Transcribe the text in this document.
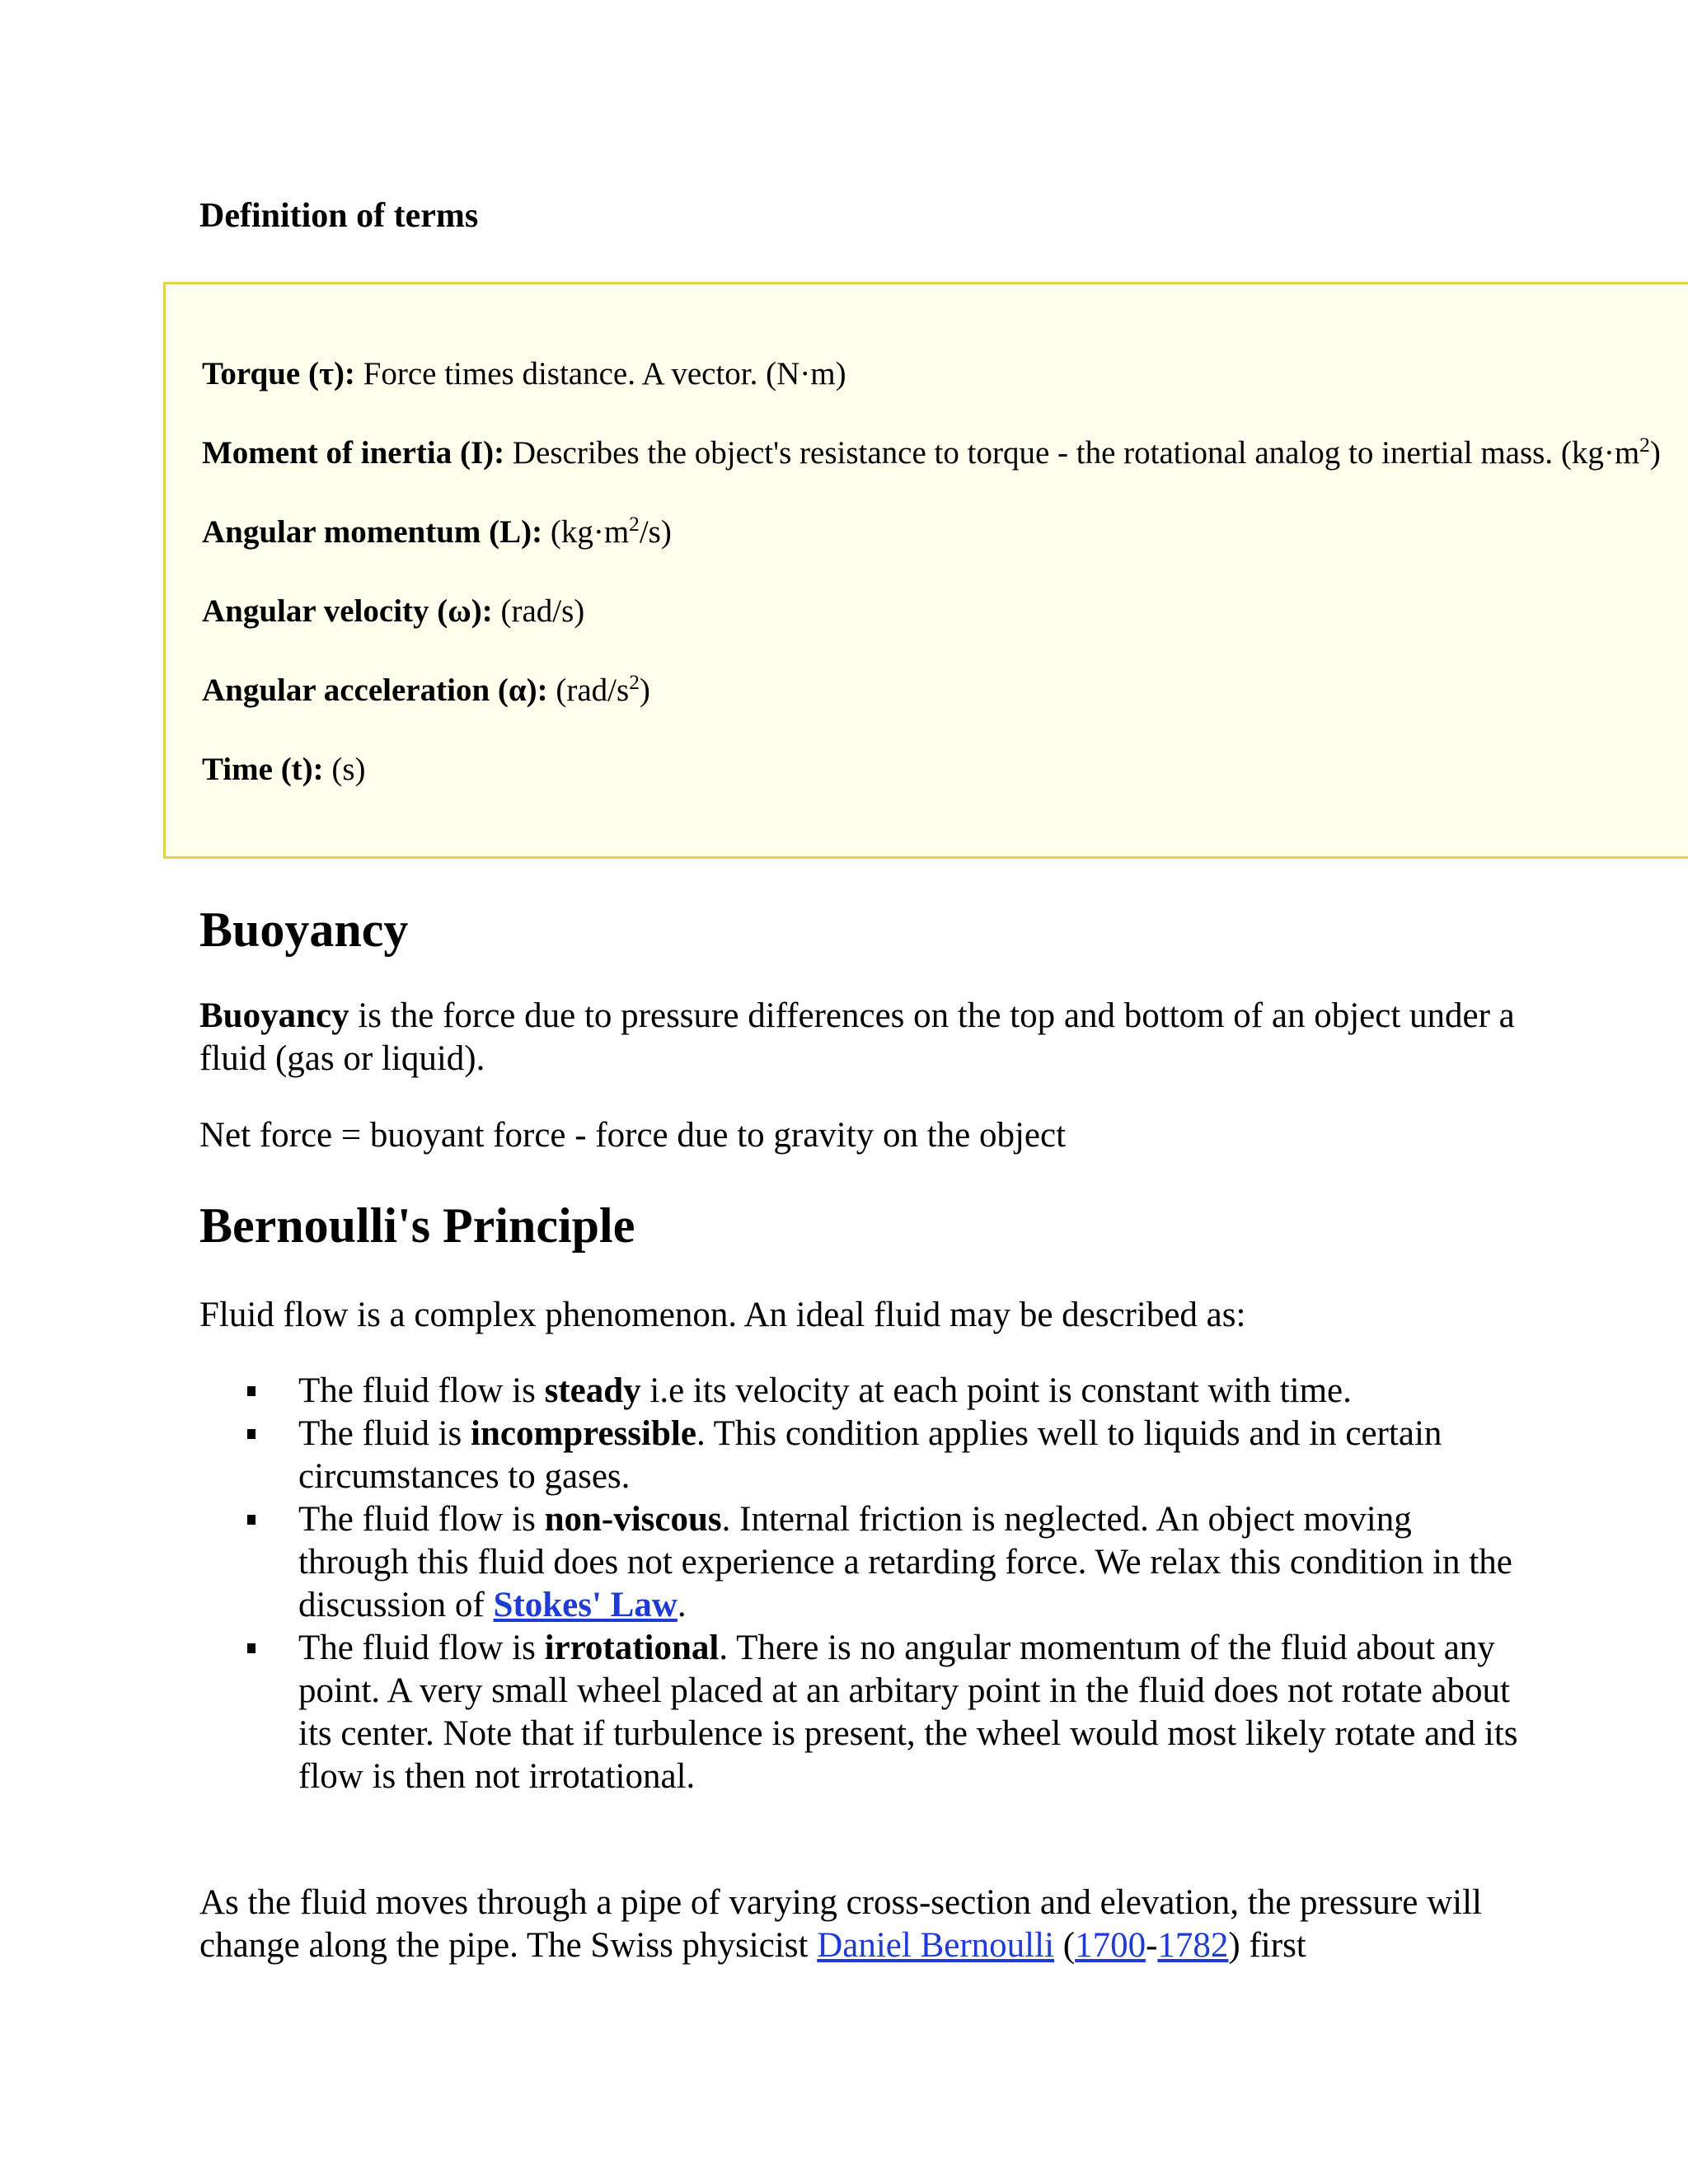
Definition of terms
Torque (τ): Force times distance. A vector. (N·m)
Moment of inertia (I): Describes the object's resistance to torque - the rotational analog to inertial mass. $(kg\cdot m^2)$
Angular momentum (L): $(kg\cdot m^2/s)$
Angular velocity (ω): (rad/s)
Angular acceleration (α): $(rad/s^2)$
Time (t): (s)
Buoyancy

Buoyancy is the force due to pressure differences on the top and bottom of an object under a fluid (gas or liquid).

Net force = buoyant force - force due to gravity on the object

Bernoulli's Principle

Fluid flow is a complex phenomenon. An ideal fluid may be described as:

The fluid flow is steady i.e its velocity at each point is constant with time.
The fluid is incompressible. This condition applies well to liquids and in certain circumstances to gases.
The fluid flow is non-viscous. Internal friction is neglected. An object moving through this fluid does not experience a retarding force. We relax this condition in the discussion of Stokes' Law.
The fluid flow is irrotational. There is no angular momentum of the fluid about any point. A very small wheel placed at an arbitary point in the fluid does not rotate about its center. Note that if turbulence is present, the wheel would most likely rotate and its flow is then not irrotational.

As the fluid moves through a pipe of varying cross-section and elevation, the pressure will change along the pipe. The Swiss physicist Daniel Bernoulli (1700-1782) first
